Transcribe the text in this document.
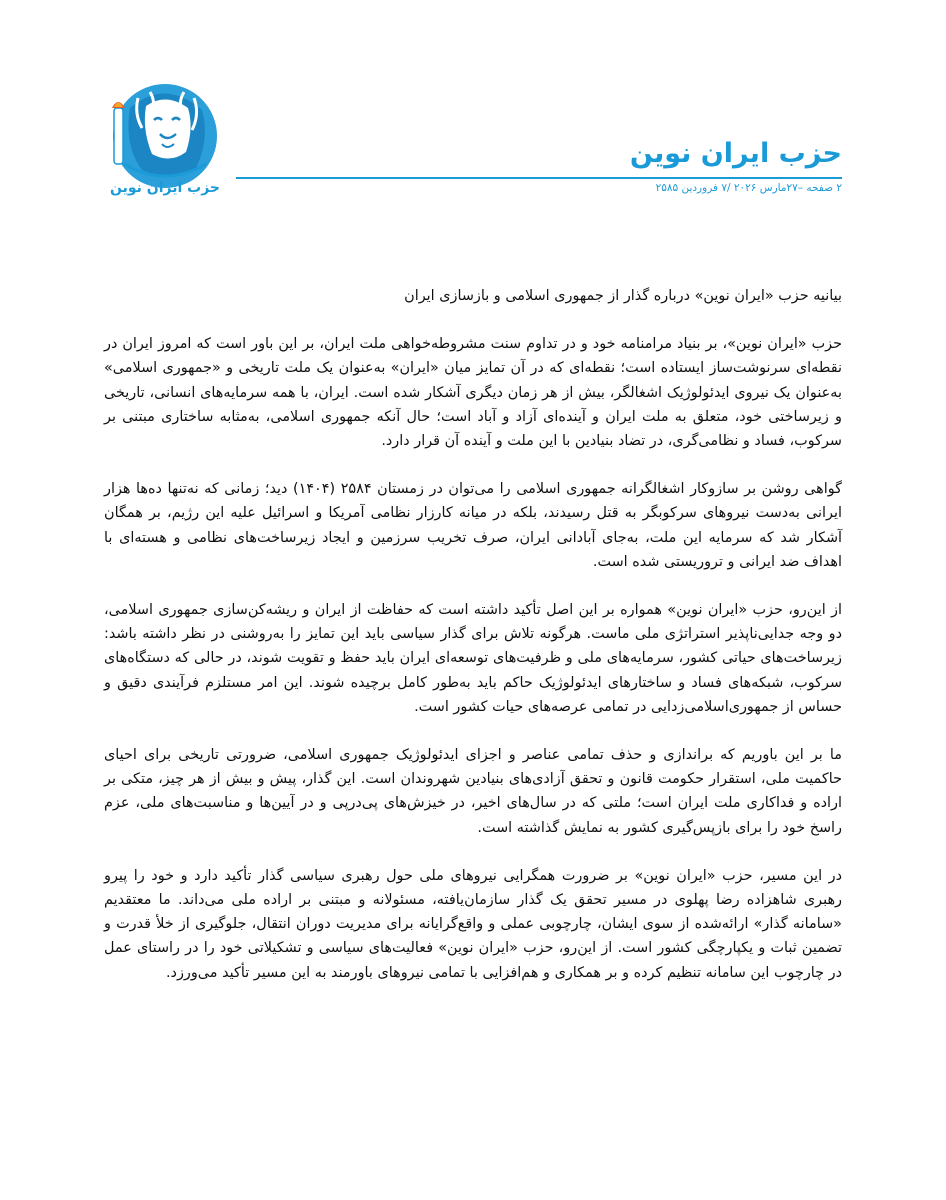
حزب ایران نوین
حزب ایران نوین
۲ صفحه –۲۷مارس ۲۰۲۶ /۷ فروردین ۲۵۸۵
بیانیه حزب «ایران نوین» درباره گذار از جمهوری اسلامی و بازسازی ایران

حزب «ایران نوین»، بر بنیاد مرامنامه خود و در تداوم سنت مشروطه‌خواهی ملت ایران، بر این باور است که امروز ایران در نقطه‌ای سرنوشت‌ساز ایستاده است؛ نقطه‌ای که در آن تمایز میان «ایران» به‌عنوان یک ملت تاریخی و «جمهوری اسلامی» به‌عنوان یک نیروی ایدئولوژیک اشغالگر، بیش از هر زمان دیگری آشکار شده است. ایران، با همه سرمایه‌های انسانی، تاریخی و زیرساختی خود، متعلق به ملت ایران و آینده‌ای آزاد و آباد است؛ حال آنکه جمهوری اسلامی، به‌مثابه ساختاری مبتنی بر سرکوب، فساد و نظامی‌گری، در تضاد بنیادین با این ملت و آینده آن قرار دارد.

گواهی روشن بر سازوکار اشغالگرانه جمهوری اسلامی را می‌توان در زمستان ۲۵۸۴ (۱۴۰۴) دید؛ زمانی که نه‌تنها ده‌ها هزار ایرانی به‌دست نیروهای سرکوبگر به قتل رسیدند، بلکه در میانه کارزار نظامی آمریکا و اسرائیل علیه این رژیم، بر همگان آشکار شد که سرمایه این ملت، به‌جای آبادانی ایران، صرف تخریب سرزمین و ایجاد زیرساخت‌های نظامی و هسته‌ای با اهداف ضد ایرانی و تروریستی شده است.

از این‌رو، حزب «ایران نوین» همواره بر این اصل تأکید داشته است که حفاظت از ایران و ریشه‌کن‌سازی جمهوری اسلامی، دو وجه جدایی‌ناپذیر استراتژی ملی ماست. هرگونه تلاش برای گذار سیاسی باید این تمایز را به‌روشنی در نظر داشته باشد: زیرساخت‌های حیاتی کشور، سرمایه‌های ملی و ظرفیت‌های توسعه‌ای ایران باید حفظ و تقویت شوند، در حالی که دستگاه‌های سرکوب، شبکه‌های فساد و ساختارهای ایدئولوژیک حاکم باید به‌طور کامل برچیده شوند. این امر مستلزم فرآیندی دقیق و حساس از جمهوری‌اسلامی‌زدایی در تمامی عرصه‌های حیات کشور است.

ما بر این باوریم که براندازی و حذف تمامی عناصر و اجزای ایدئولوژیک جمهوری اسلامی، ضرورتی تاریخی برای احیای حاکمیت ملی، استقرار حکومت قانون و تحقق آزادی‌های بنیادین شهروندان است. این گذار، پیش و بیش از هر چیز، متکی بر اراده و فداکاری ملت ایران است؛ ملتی که در سال‌های اخیر، در خیزش‌های پی‌درپی و در آیین‌ها و مناسبت‌های ملی، عزم راسخ خود را برای بازپس‌گیری کشور به نمایش گذاشته است.

در این مسیر، حزب «ایران نوین» بر ضرورت همگرایی نیروهای ملی حول رهبری سیاسی گذار تأکید دارد و خود را پیرو رهبری شاهزاده رضا پهلوی در مسیر تحقق یک گذار سازمان‌یافته، مسئولانه و مبتنی بر اراده ملی می‌داند. ما معتقدیم «سامانه گذار» ارائه‌شده از سوی ایشان، چارچوبی عملی و واقع‌گرایانه برای مدیریت دوران انتقال، جلوگیری از خلأ قدرت و تضمین ثبات و یکپارچگی کشور است. از این‌رو، حزب «ایران نوین» فعالیت‌های سیاسی و تشکیلاتی خود را در راستای عمل در چارچوب این سامانه تنظیم کرده و بر همکاری و هم‌افزایی با تمامی نیروهای باورمند به این مسیر تأکید می‌ورزد.
